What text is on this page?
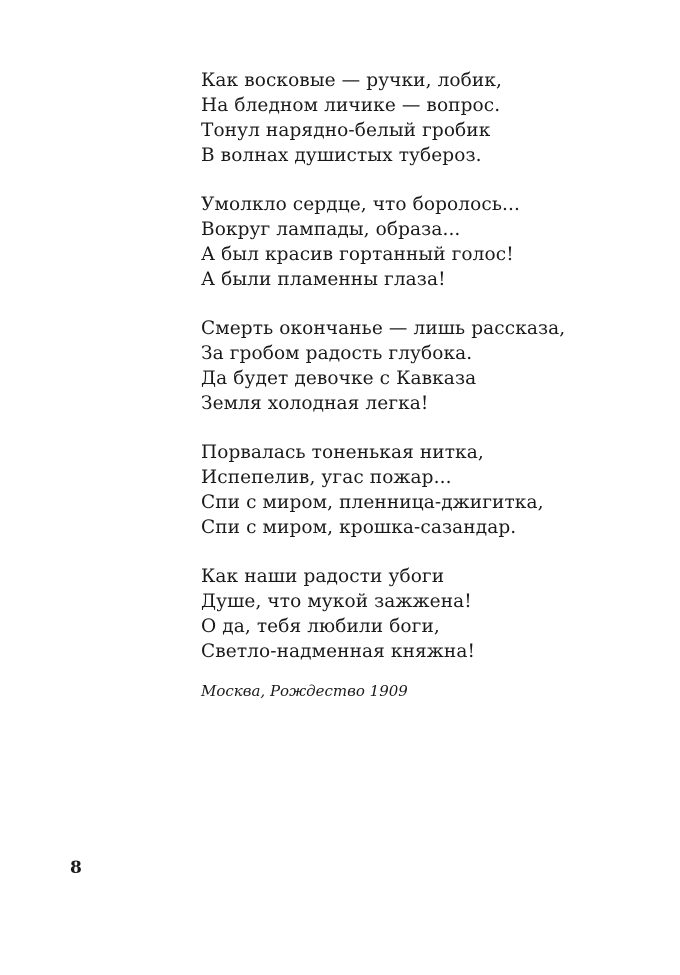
Как восковые — ручки, лобик,
На бледном личике — вопрос.
Тонул нарядно-белый гробик
В волнах душистых тубероз.
Умолкло сердце, что боролось...
Вокруг лампады, образа...
А был красив гортанный голос!
А были пламенны глаза!
Смерть окончанье — лишь рассказа,
За гробом радость глубока.
Да будет девочке с Кавказа
Земля холодная легка!
Порвалась тоненькая нитка,
Испепелив, угас пожар...
Спи с миром, пленница-джигитка,
Спи с миром, крошка-сазандар.
Как наши радости убоги
Душе, что мукой зажжена!
О да, тебя любили боги,
Светло-надменная княжна!
Москва, Рождество 1909
8
